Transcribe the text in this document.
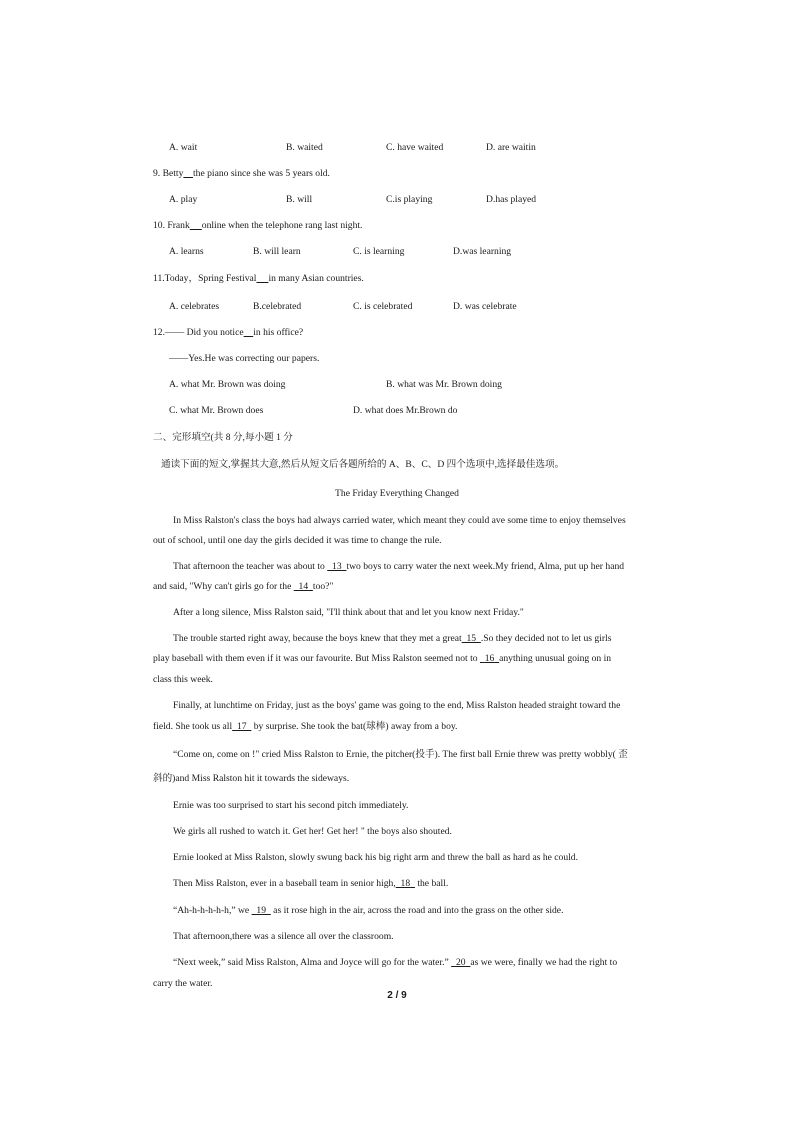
A. wait	B. waited	C. have waited	D. are waitin
9. Betty the piano since she was 5 years old.
A. play	B. will	C.is playing	D.has played
10. Frank online when the telephone rang last night.
A. learns	B. will learn	C. is learning	D.was learning
11.Today，Spring Festival in many Asian countries.
A. celebrates	B.celebrated	C. is celebrated	D. was celebrate
12.—— Did you notice in his office?
——Yes.He was correcting our papers.
A. what Mr. Brown was doing	B. what was Mr. Brown doing
C. what Mr. Brown does	D. what does Mr.Brown do
二、完形填空(共 8 分,每小题 1 分
通读下面的短文,掌握其大意,然后从短文后各题所给的 A、B、C、D 四个选项中,选择最佳选项。
The Friday Everything Changed
In Miss Ralston's class the boys had always carried water, which meant they could ave some time to enjoy themselves
out of school, until one day the girls decided it was time to change the rule.
That afternoon the teacher was about to   13 two boys to carry water the next week.My friend, Alma, put up her hand
and said, "Why can't girls go for the   14 too?"
After a long silence, Miss Ralston said, "I'll think about that and let you know next Friday."
The trouble started right away, because the boys knew that they met a great 15 .So they decided not to let us girls
play baseball with them even if it was our favourite. But Miss Ralston seemed not to   16 anything unusual going on in
class this week.
Finally, at lunchtime on Friday, just as the boys' game was going to the end, Miss Ralston headed straight toward the
field. She took us all 17   by surprise. She took the bat(球棒) away from a boy.
“Come on, come on !" cried Miss Ralston to Ernie, the pitcher(投手). The first ball Ernie threw was pretty wobbly( 歪
斜的)and Miss Ralston hit it towards the sideways.
Ernie was too surprised to start his second pitch immediately.
We girls all rushed to watch it. Get her! Get her! " the boys also shouted.
Ernie looked at Miss Ralston, slowly swung back his big right arm and threw the ball as hard as he could.
Then Miss Ralston, ever in a baseball team in senior high, 18   the ball.
“Ah-h-h-h-h-h,” we   19   as it rose high in the air, across the road and into the grass on the other side.
That afternoon,there was a silence all over the classroom.
“Next week,” said Miss Ralston, Alma and Joyce will go for the water.”   20 as we were, finally we had the right to
carry the water.
2 / 9
